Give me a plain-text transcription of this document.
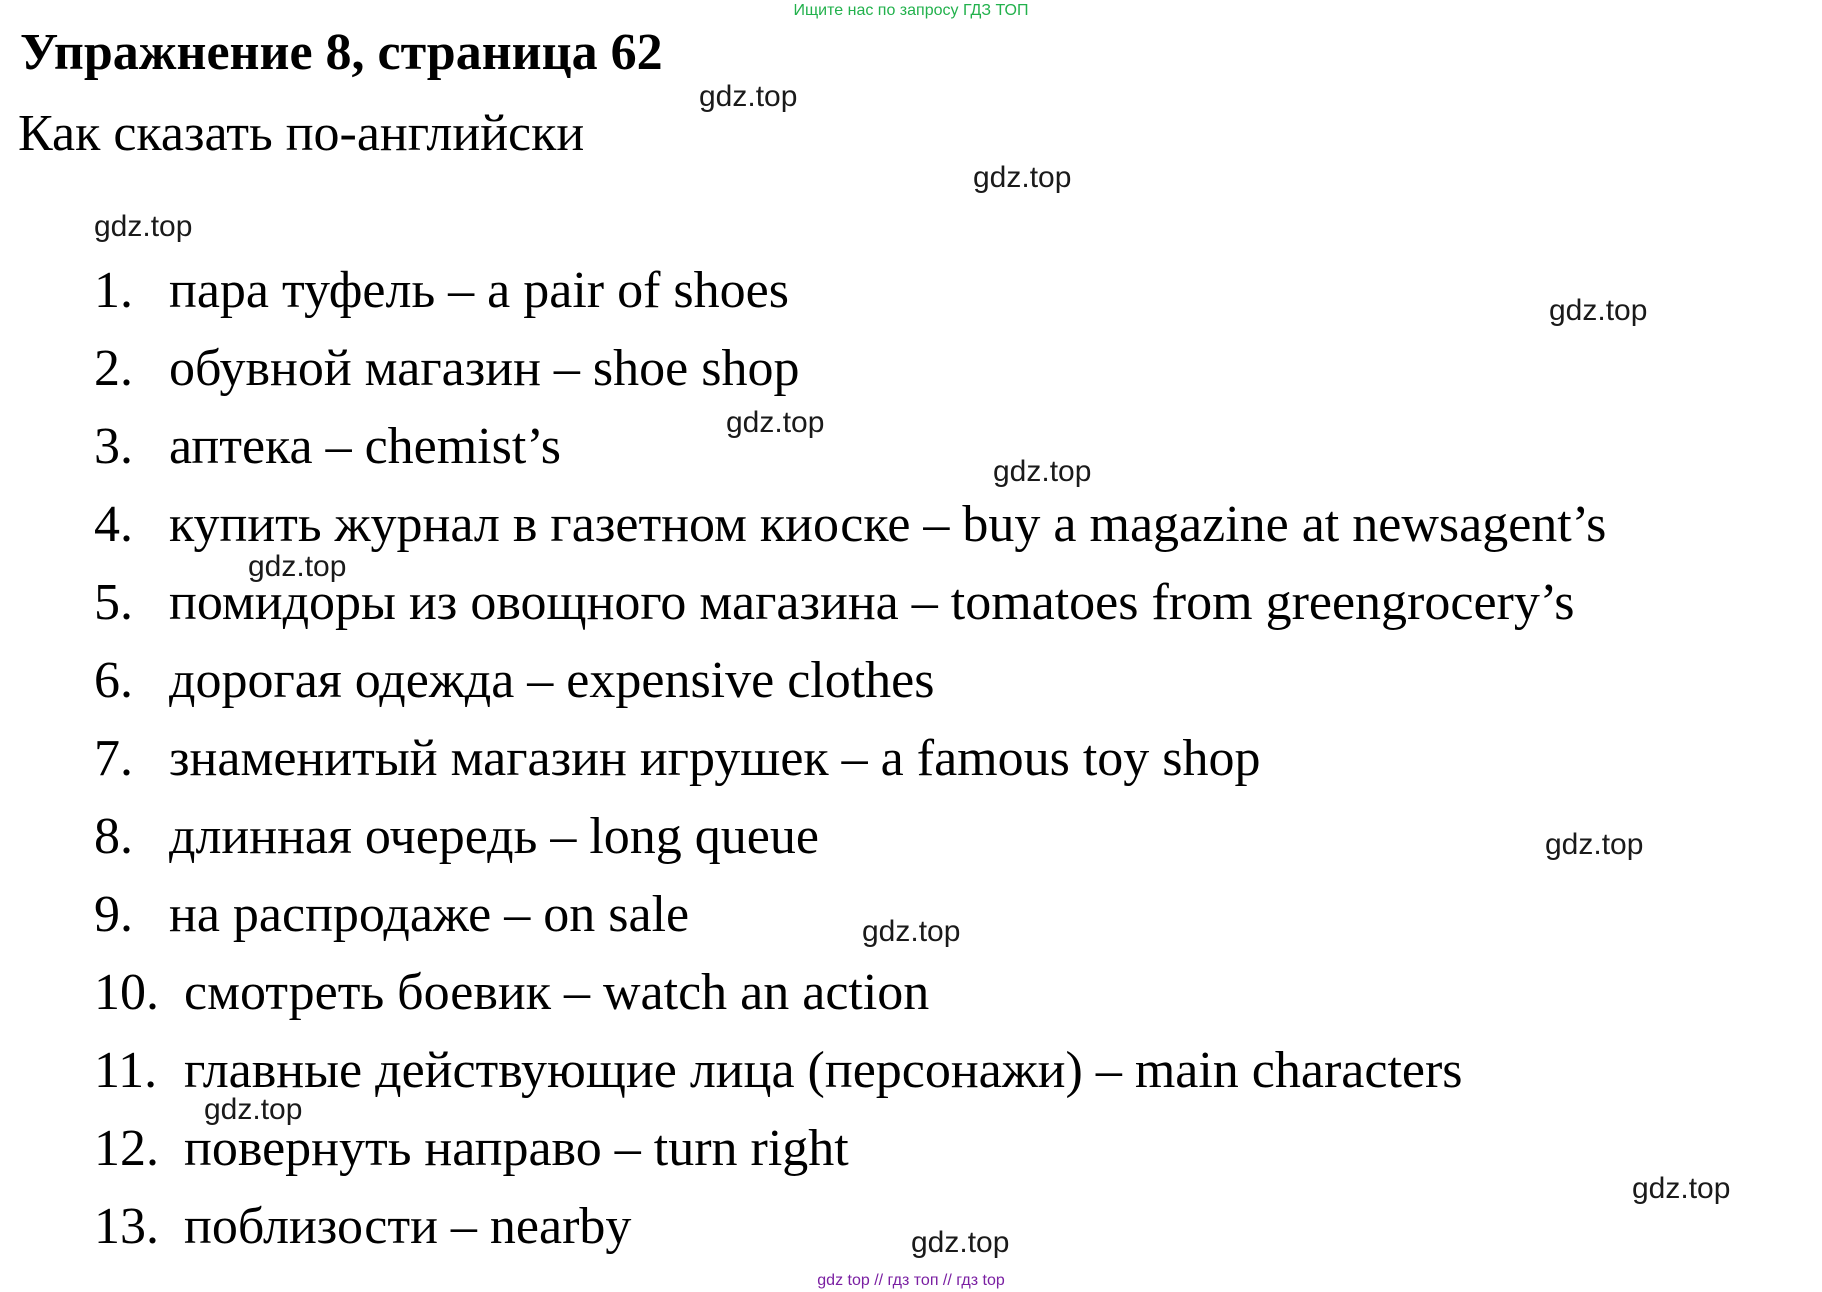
Ищите нас по запросу ГДЗ ТОП
Упражнение 8, страница 62
Как сказать по-английски
1. пара туфель – a pair of shoes
2. обувной магазин – shoe shop
3. аптека – chemist’s
4. купить журнал в газетном киоске – buy a magazine at newsagent’s
5. помидоры из овощного магазина – tomatoes from greengrocery’s
6. дорогая одежда – expensive clothes
7. знаменитый магазин игрушек – a famous toy shop
8. длинная очередь – long queue
9. на распродаже – on sale
10. смотреть боевик – watch an action
11. главные действующие лица (персонажи) – main characters
12. повернуть направо – turn right
13. поблизости – nearby
gdz.top
gdz.top
gdz.top
gdz.top
gdz.top
gdz.top
gdz.top
gdz.top
gdz.top
gdz.top
gdz.top
gdz.top
gdz top // гдз топ // гдз top
